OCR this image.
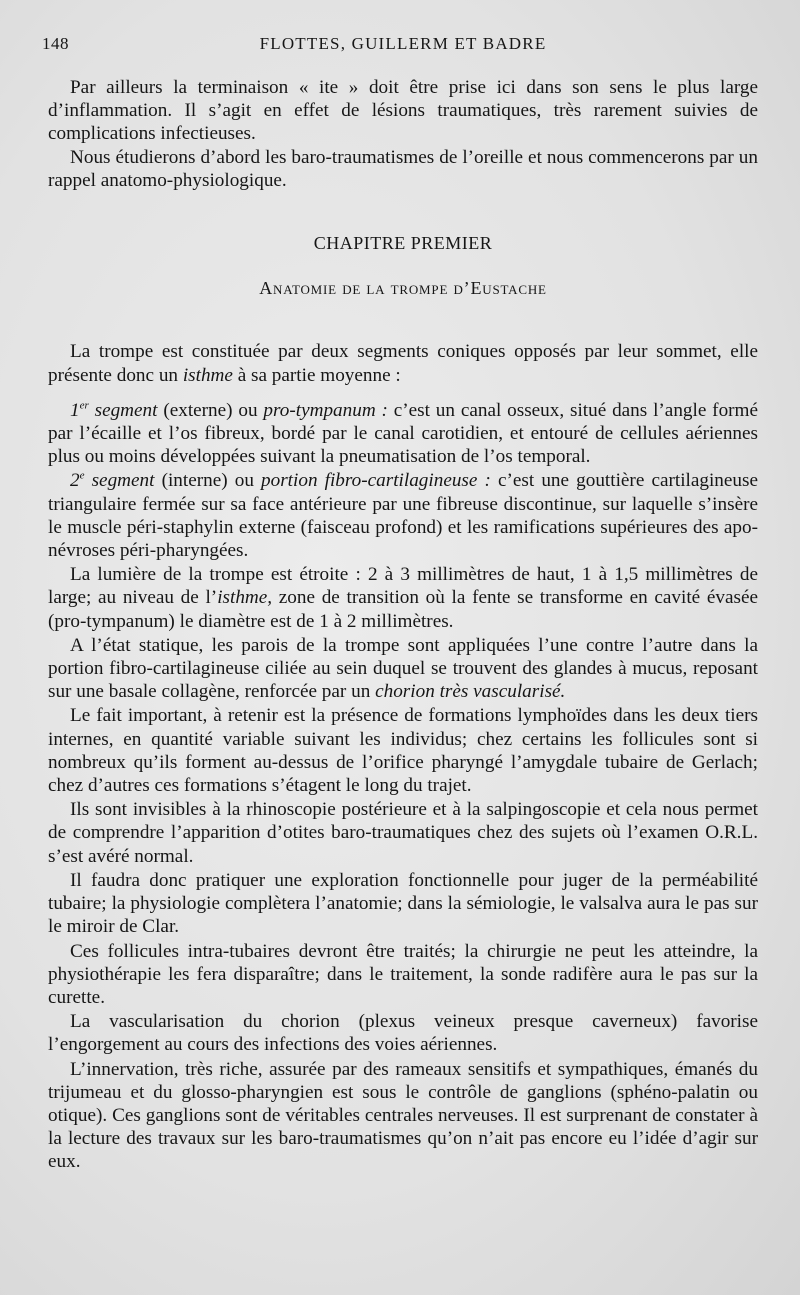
148	FLOTTES, GUILLERM ET BADRE

Par ailleurs la terminaison « ite » doit être prise ici dans son sens le plus large d’inflammation. Il s’agit en effet de lésions traumatiques, très rarement suivies de complications infectieuses.

Nous étudierons d’abord les baro-traumatismes de l’oreille et nous commencerons par un rappel anatomo-physiologique.

CHAPITRE PREMIER
Anatomie de la trompe d’Eustache

La trompe est constituée par deux segments coniques opposés par leur sommet, elle présente donc un isthme à sa partie moyenne :

1er segment (externe) ou pro-tympanum : c’est un canal osseux, situé dans l’angle formé par l’écaille et l’os fibreux, bordé par le canal carotidien, et entouré de cellules aériennes plus ou moins développées suivant la pneumatisation de l’os temporal.

2e segment (interne) ou portion fibro-cartilagineuse : c’est une gouttière cartilagineuse triangulaire fermée sur sa face antérieure par une fibreuse discontinue, sur laquelle s’insère le muscle péri-staphylin externe (faisceau profond) et les ramifications supérieures des apo-névroses péri-pharyngées.

La lumière de la trompe est étroite : 2 à 3 millimètres de haut, 1 à 1,5 millimètres de large; au niveau de l’isthme, zone de transition où la fente se transforme en cavité évasée (pro-tympanum) le diamètre est de 1 à 2 millimètres.

A l’état statique, les parois de la trompe sont appliquées l’une contre l’autre dans la portion fibro-cartilagineuse ciliée au sein duquel se trouvent des glandes à mucus, reposant sur une basale collagène, renforcée par un chorion très vascularisé.

Le fait important, à retenir est la présence de formations lymphoïdes dans les deux tiers internes, en quantité variable suivant les individus; chez certains les follicules sont si nombreux qu’ils forment au-dessus de l’orifice pharyngé l’amygdale tubaire de Gerlach; chez d’autres ces formations s’étagent le long du trajet.

Ils sont invisibles à la rhinoscopie postérieure et à la salpingoscopie et cela nous permet de comprendre l’apparition d’otites baro-traumatiques chez des sujets où l’examen O.R.L. s’est avéré normal.

Il faudra donc pratiquer une exploration fonctionnelle pour juger de la perméabilité tubaire; la physiologie complètera l’anatomie; dans la sémiologie, le valsalva aura le pas sur le miroir de Clar.

Ces follicules intra-tubaires devront être traités; la chirurgie ne peut les atteindre, la physiothérapie les fera disparaître; dans le traitement, la sonde radifère aura le pas sur la curette.

La vascularisation du chorion (plexus veineux presque caverneux) favorise l’engorgement au cours des infections des voies aériennes.

L’innervation, très riche, assurée par des rameaux sensitifs et sympathiques, émanés du trijumeau et du glosso-pharyngien est sous le contrôle de ganglions (sphéno-palatin ou otique). Ces ganglions sont de véritables centrales nerveuses. Il est surprenant de constater à la lecture des travaux sur les baro-traumatismes qu’on n’ait pas encore eu l’idée d’agir sur eux.
